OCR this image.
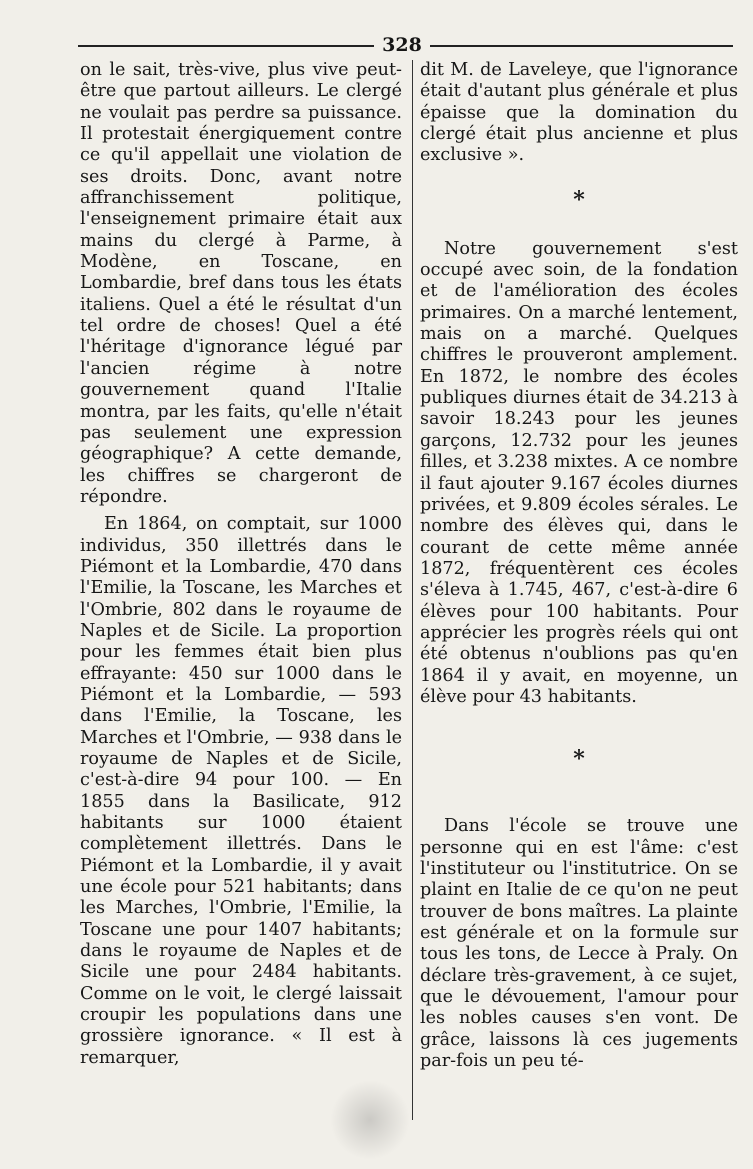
328

on le sait, très-vive, plus vive peut-être que partout ailleurs. Le clergé ne voulait pas perdre sa puissance. Il protestait énergiquement contre ce qu'il appellait une violation de ses droits. Donc, avant notre affranchissement politique, l'enseignement primaire était aux mains du clergé à Parme, à Modène, en Toscane, en Lombardie, bref dans tous les états italiens. Quel a été le résultat d'un tel ordre de choses! Quel a été l'héritage d'ignorance légué par l'ancien régime à notre gouvernement quand l'Italie montra, par les faits, qu'elle n'était pas seulement une expression géographique? A cette demande, les chiffres se chargeront de répondre.

En 1864, on comptait, sur 1000 individus, 350 illettrés dans le Piémont et la Lombardie, 470 dans l'Emilie, la Toscane, les Marches et l'Ombrie, 802 dans le royaume de Naples et de Sicile. La proportion pour les femmes était bien plus effrayante: 450 sur 1000 dans le Piémont et la Lombardie, — 593 dans l'Emilie, la Toscane, les Marches et l'Ombrie, — 938 dans le royaume de Naples et de Sicile, c'est-à-dire 94 pour 100. — En 1855 dans la Basilicate, 912 habitants sur 1000 étaient complètement illettrés. Dans le Piémont et la Lombardie, il y avait une école pour 521 habitants; dans les Marches, l'Ombrie, l'Emilie, la Toscane une pour 1407 habitants; dans le royaume de Naples et de Sicile une pour 2484 habitants. Comme on le voit, le clergé laissait croupir les populations dans une grossière ignorance. « Il est à remarquer,

dit M. de Laveleye, que l'ignorance était d'autant plus générale et plus épaisse que la domination du clergé était plus ancienne et plus exclusive ».

*

Notre gouvernement s'est occupé avec soin, de la fondation et de l'amélioration des écoles primaires. On a marché lentement, mais on a marché. Quelques chiffres le prouveront amplement. En 1872, le nombre des écoles publiques diurnes était de 34.213 à savoir 18.243 pour les jeunes garçons, 12.732 pour les jeunes filles, et 3.238 mixtes. A ce nombre il faut ajouter 9.167 écoles diurnes privées, et 9.809 écoles sérales. Le nombre des élèves qui, dans le courant de cette même année 1872, fréquentèrent ces écoles s'éleva à 1.745, 467, c'est-à-dire 6 élèves pour 100 habitants. Pour apprécier les progrès réels qui ont été obtenus n'oublions pas qu'en 1864 il y avait, en moyenne, un élève pour 43 habitants.

*

Dans l'école se trouve une personne qui en est l'âme: c'est l'instituteur ou l'institutrice. On se plaint en Italie de ce qu'on ne peut trouver de bons maîtres. La plainte est générale et on la formule sur tous les tons, de Lecce à Praly. On déclare très-gravement, à ce sujet, que le dévouement, l'amour pour les nobles causes s'en vont. De grâce, laissons là ces jugements par-fois un peu té-
